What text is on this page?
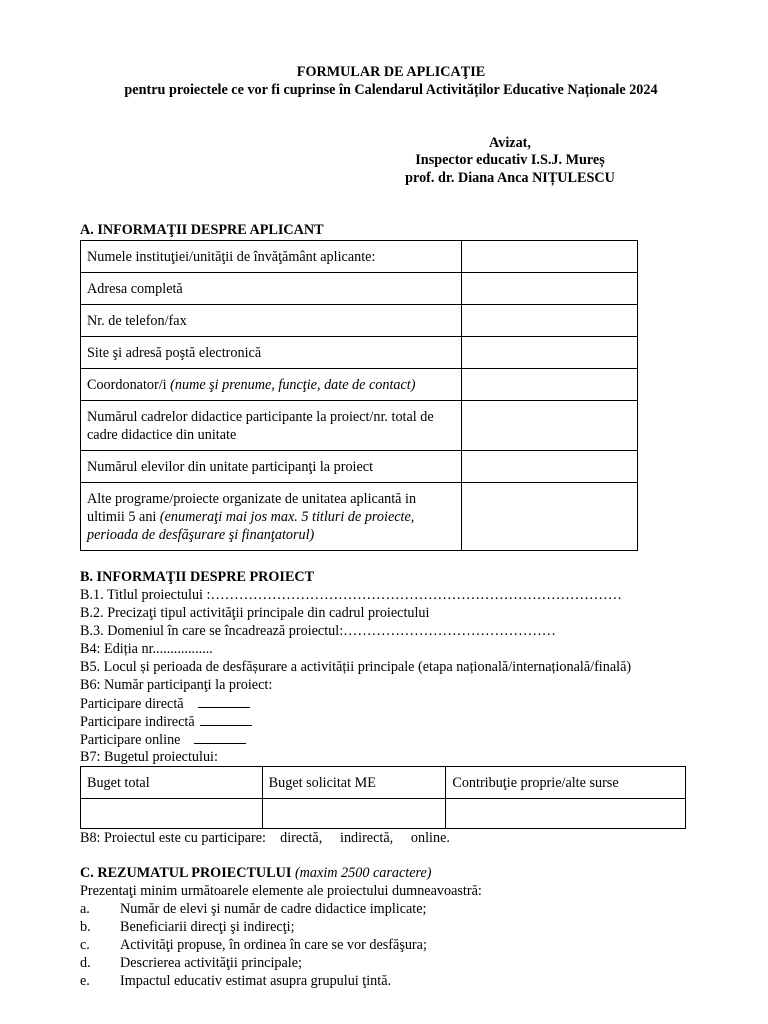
FORMULAR DE APLICAŢIE
pentru proiectele ce vor fi cuprinse în Calendarul Activităților Educative Naționale 2024
Avizat,
Inspector educativ I.S.J. Mureș
prof. dr. Diana Anca NIȚULESCU
A. INFORMAŢII DESPRE APLICANT
Numele instituţiei/unităţii de învăţământ aplicante:	
Adresa completă	
Nr. de telefon/fax	
Site şi adresă poştă electronică	
Coordonator/i (nume şi prenume, funcţie, date de contact)	
Numărul cadrelor didactice participante la proiect/nr. total de cadre didactice din unitate	
Numărul elevilor din unitate participanţi la proiect	
Alte programe/proiecte organizate de unitatea aplicantă in ultimii 5 ani (enumeraţi mai jos max. 5 titluri de proiecte, perioada de desfăşurare şi finanţatorul)	
B. INFORMAŢII DESPRE PROIECT
B.1. Titlul proiectului :……………………………………………………………………………
B.2. Precizaţi tipul activităţii principale din cadrul proiectului
B.3. Domeniul în care se încadrează proiectul:………………………………………
B4: Ediția nr.................
B5. Locul și perioada de desfășurare a activității principale (etapa națională/internațională/finală)
B6: Număr participanţi la proiect:
Participare directă
Participare indirectă
Participare online
B7: Bugetul proiectului:
Buget total	Buget solicitat ME	Contribuţie proprie/alte surse

B8: Proiectul este cu participare:    directă,     indirectă,     online.
C. REZUMATUL PROIECTULUI (maxim 2500 caractere)
Prezentaţi minim următoarele elemente ale proiectului dumneavoastră:
a. Număr de elevi şi număr de cadre didactice implicate;
b. Beneficiarii direcţi şi indirecţi;
c. Activităţi propuse, în ordinea în care se vor desfăşura;
d. Descrierea activităţii principale;
e. Impactul educativ estimat asupra grupului ţintă.
